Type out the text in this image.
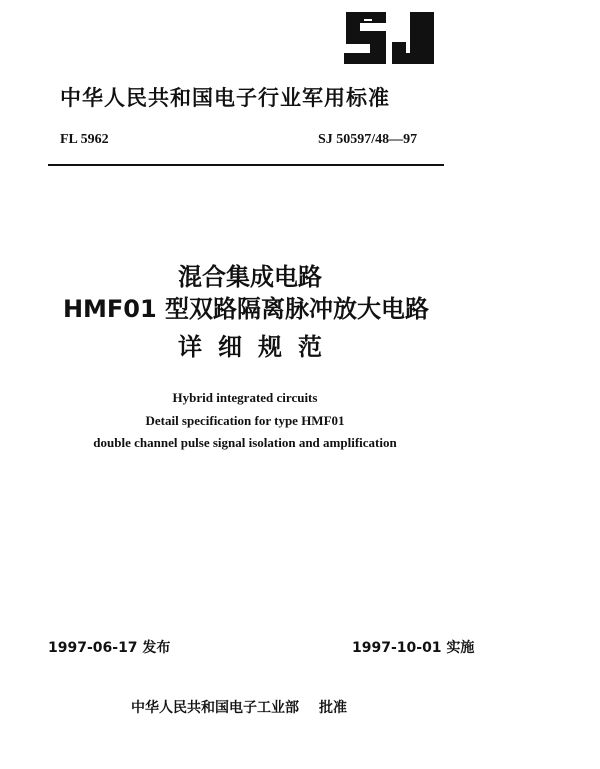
中华人民共和国电子行业军用标准
FL 5962	SJ 50597/48—97
混合集成电路
HMF01 型双路隔离脉冲放大电路
详细规范
Hybrid integrated circuits
Detail specification for type HMF01
double channel pulse signal isolation and amplification
1997-06-17 发布	1997-10-01 实施
中华人民共和国电子工业部 批准
